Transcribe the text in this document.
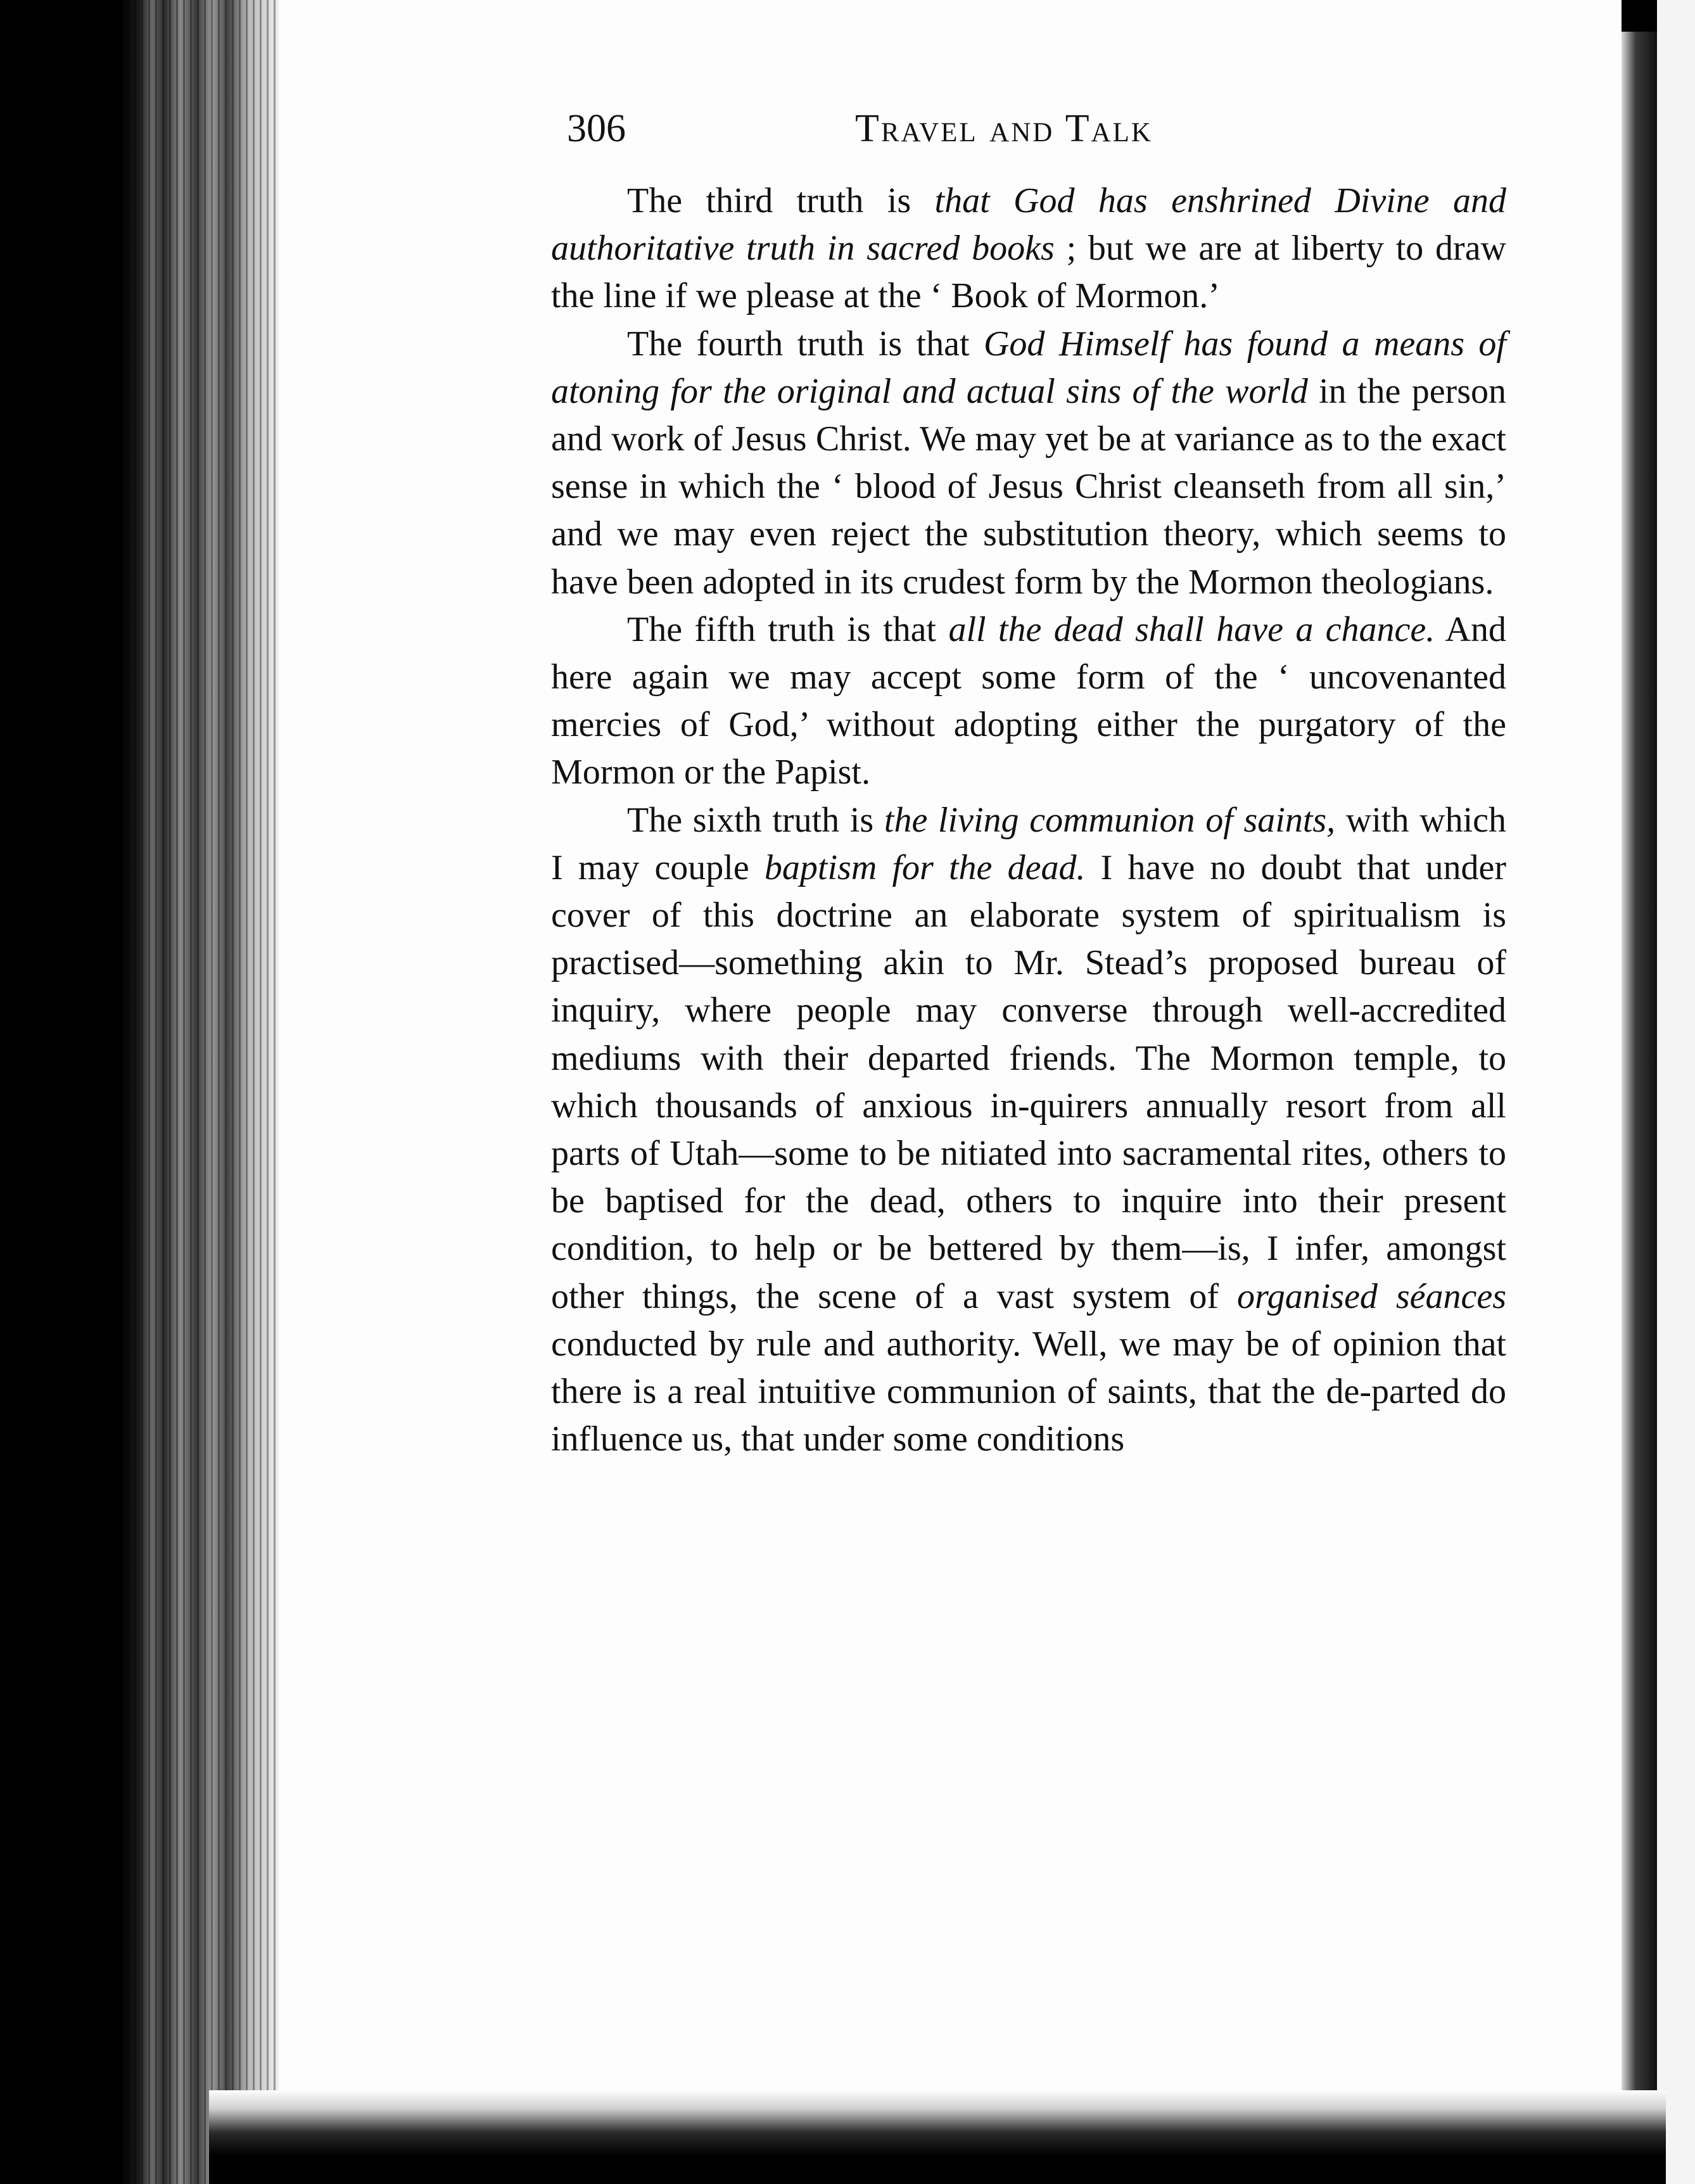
306	Travel and Talk

The third truth is that God has enshrined Divine and authoritative truth in sacred books ; but we are at liberty to draw the line if we please at the ‘ Book of Mormon.’

The fourth truth is that God Himself has found a means of atoning for the original and actual sins of the world in the person and work of Jesus Christ. We may yet be at variance as to the exact sense in which the ‘ blood of Jesus Christ cleanseth from all sin,’ and we may even reject the substitution theory, which seems to have been adopted in its crudest form by the Mormon theologians.

The fifth truth is that all the dead shall have a chance. And here again we may accept some form of the ‘ uncovenanted mercies of God,’ without adopting either the purgatory of the Mormon or the Papist.

The sixth truth is the living communion of saints, with which I may couple baptism for the dead. I have no doubt that under cover of this doctrine an elaborate system of spiritualism is practised—something akin to Mr. Stead’s proposed bureau of inquiry, where people may converse through well-accredited mediums with their departed friends. The Mormon temple, to which thousands of anxious in-quirers annually resort from all parts of Utah—some to be nitiated into sacramental rites, others to be baptised for the dead, others to inquire into their present condition, to help or be bettered by them—is, I infer, amongst other things, the scene of a vast system of organised séances conducted by rule and authority. Well, we may be of opinion that there is a real intuitive communion of saints, that the de-parted do influence us, that under some conditions
